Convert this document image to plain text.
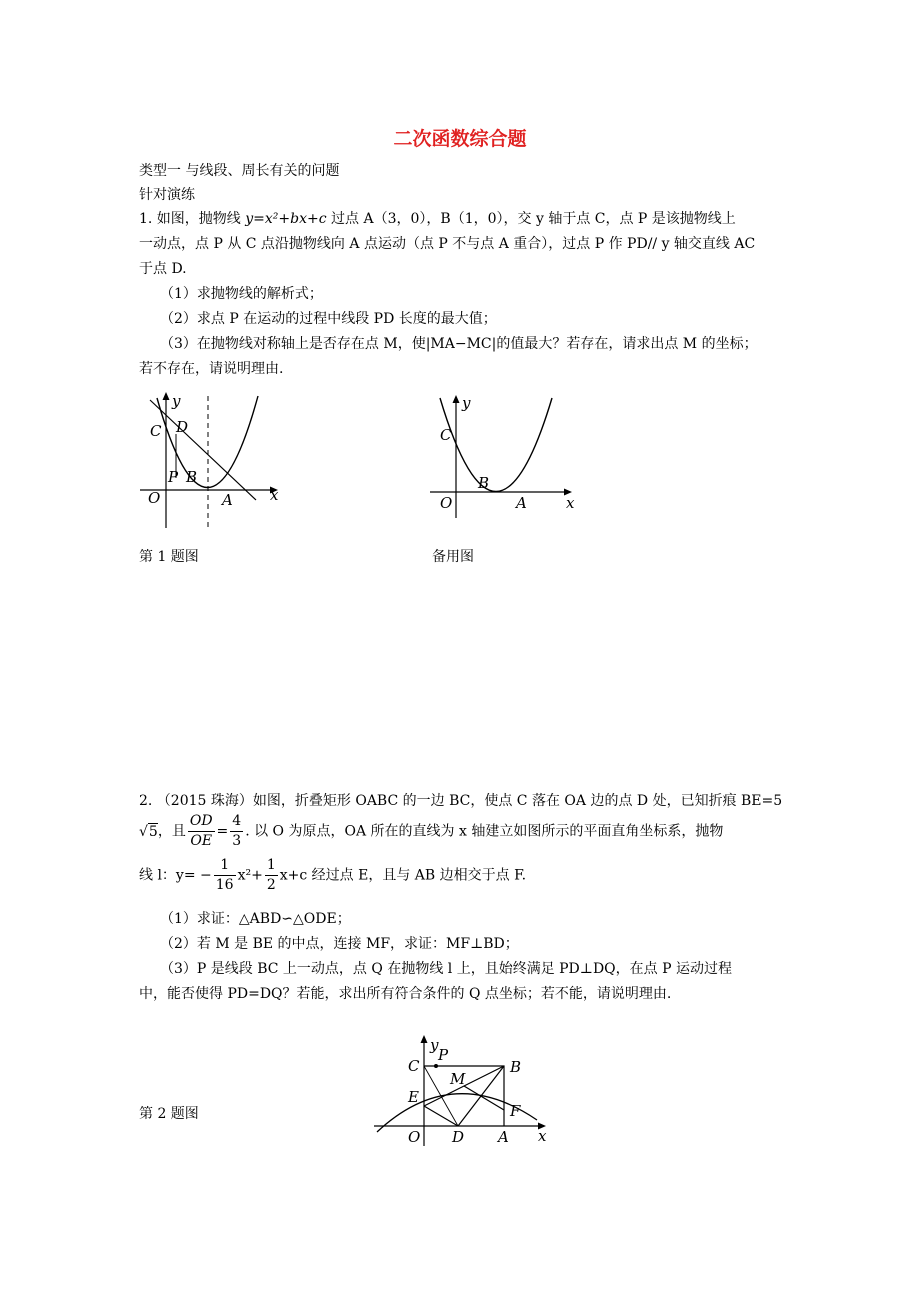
二次函数综合题
类型一 与线段、周长有关的问题
针对演练
1. 如图，抛物线 y=x²+bx+c 过点 A（3，0），B（1，0），交 y 轴于点 C，点 P 是该抛物线上
一动点，点 P 从 C 点沿抛物线向 A 点运动（点 P 不与点 A 重合），过点 P 作 PD// y 轴交直线 AC
于点 D.
（1）求抛物线的解析式；
（2）求点 P 在运动的过程中线段 PD 长度的最大值；
（3）在抛物线对称轴上是否存在点 M，使|MA−MC|的值最大？若存在，请求出点 M 的坐标；
若不存在，请说明理由.
y
x
O
C D
P B
A
y
x
O
C
B
A
第 1 题图	备用图
2. （2015 珠海）如图，折叠矩形 OABC 的一边 BC，使点 C 落在 OA 边的点 D 处，已知折痕 BE=5
√5，且 $\frac{OD}{OE} = \frac{4}{3}$ . 以 O 为原点，OA 所在的直线为 x 轴建立如图所示的平面直角坐标系，抛物
线 l：$y= - \frac{1}{16} x^2+ \frac{1}{2} x+c$ 经过点 E，且与 AB 边相交于点 F.
（1）求证：△ABD∽△ODE；
（2）若 M 是 BE 的中点，连接 MF，求证：MF⊥BD；
（3）P 是线段 BC 上一动点，点 Q 在抛物线 l 上，且始终满足 PD⊥DQ，在点 P 运动过程
中，能否使得 PD=DQ？若能，求出所有符合条件的 Q 点坐标；若不能，请说明理由.
y
x
O
C
P
B
M
E
F
D A
第 2 题图
